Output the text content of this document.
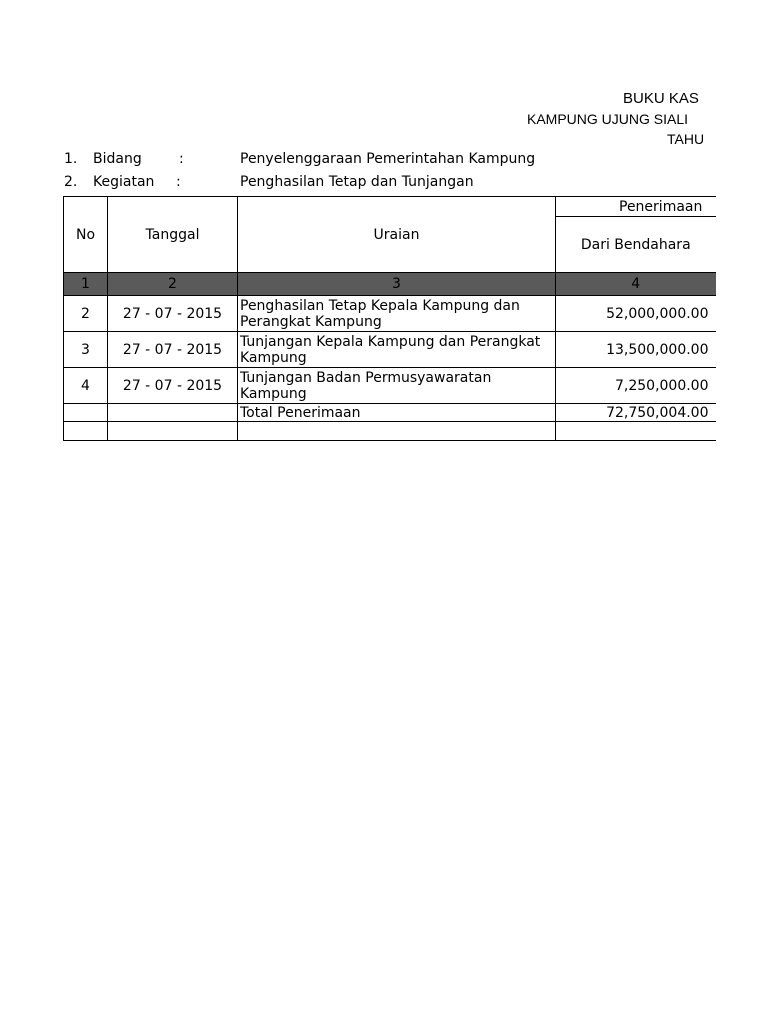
BUKU KAS
KAMPUNG UJUNG SIALI
TAHU
1. Bidang	:	Penyelenggaraan Pemerintahan Kampung
2. Kegiatan :	Penghasilan Tetap dan Tunjangan
No	Tanggal	Uraian	Penerimaan
			Dari Bendahara
1	2	3	4
2	27 - 07 - 2015	Penghasilan Tetap Kepala Kampung dan Perangkat Kampung	52,000,000.00
3	27 - 07 - 2015	Tunjangan Kepala Kampung dan Perangkat Kampung	13,500,000.00
4	27 - 07 - 2015	Tunjangan Badan Permusyawaratan Kampung	7,250,000.00
		Total Penerimaan	72,750,004.00
